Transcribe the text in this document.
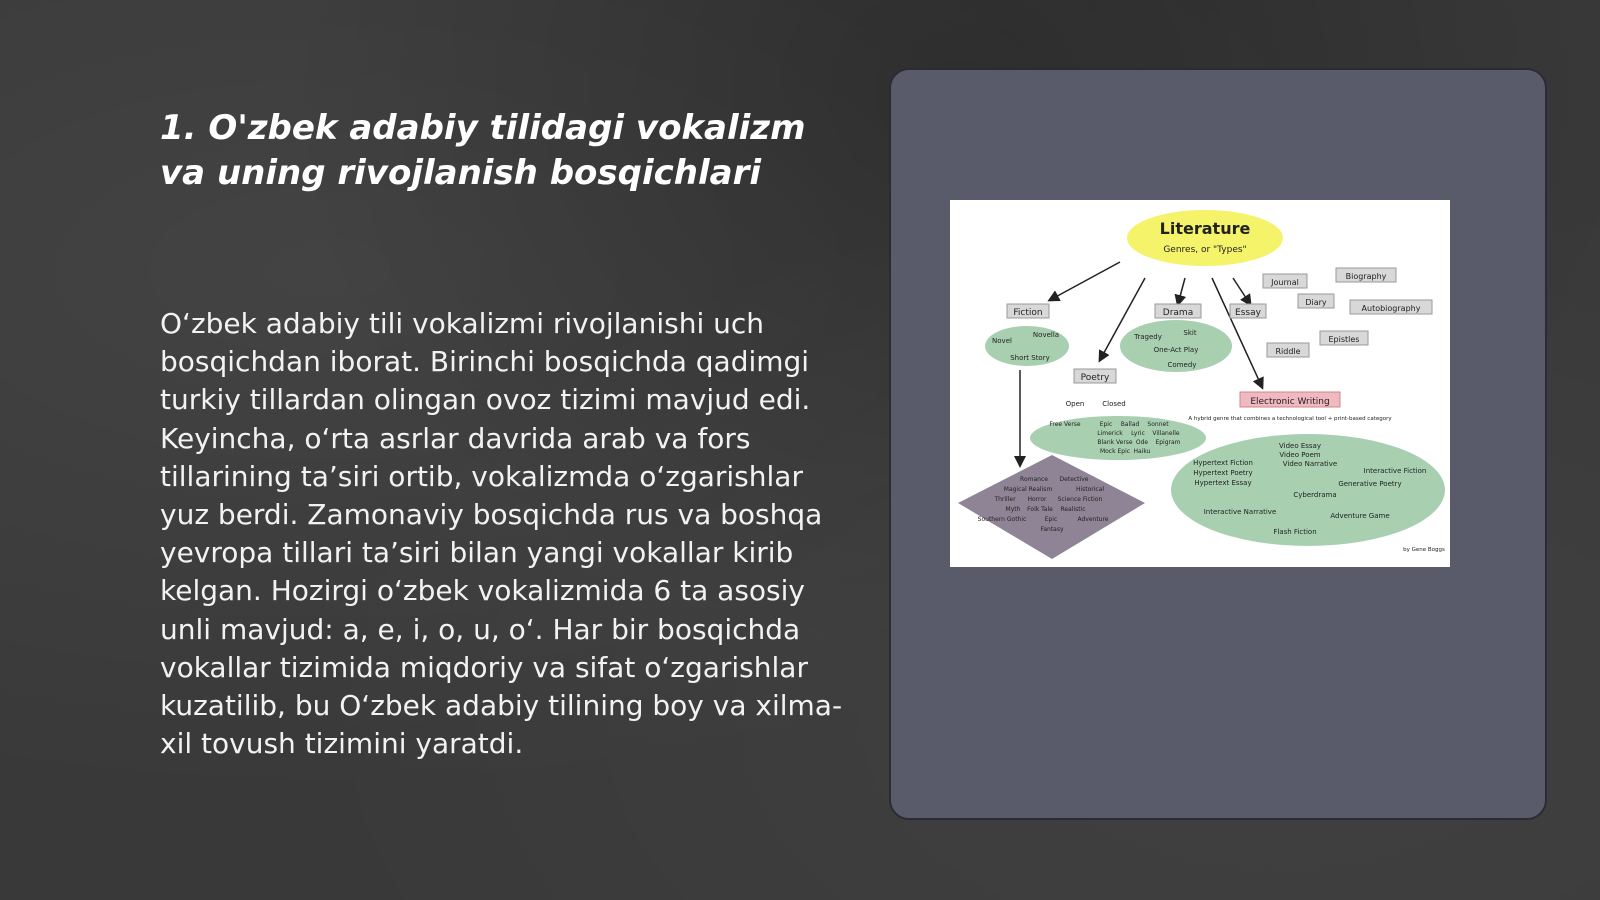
1. O'zbek adabiy tilidagi vokalizm va uning rivojlanish bosqichlari

O‘zbek adabiy tili vokalizmi rivojlanishi uch bosqichdan iborat. Birinchi bosqichda qadimgi turkiy tillardan olingan ovoz tizimi mavjud edi. Keyincha, o‘rta asrlar davrida arab va fors tillarining ta’siri ortib, vokalizmda o‘zgarishlar yuz berdi. Zamonaviy bosqichda rus va boshqa yevropa tillari ta’siri bilan yangi vokallar kirib kelgan. Hozirgi o‘zbek vokalizmida 6 ta asosiy unli mavjud: a, e, i, o, u, o‘. Har bir bosqichda vokallar tizimida miqdoriy va sifat o‘zgarishlar kuzatilib, bu O‘zbek adabiy tilining boy va xilma-xil tovush tizimini yaratdi.

Literature
Genres, or "Types"
Fiction
Novel
Novella
Short Story
Drama
Tragedy	Skit
One-Act Play
Comedy
Essay
Journal
Biography
Diary
Autobiography
Epistles
Riddle
Poetry
Open	Closed
Free Verse	Epic Ballad Sonnet
Limerick Lyric Villanelle
Blank Verse Ode Epigram
Mock Epic Haiku
Electronic Writing
A hybrid genre that combines a technological tool + print-based category
Video Essay
Video Poem
Video Narrative
Hypertext Fiction
Hypertext Poetry
Hypertext Essay
Interactive Fiction
Generative Poetry
Cyberdrama
Interactive Narrative	Adventure Game
Flash Fiction
Romance Detective
Magical Realism	Historical
Thriller Horror Science Fiction
Myth Folk Tale Realistic
Southern Gothic	Epic	Adventure
Fantasy
by Gene Boggs
